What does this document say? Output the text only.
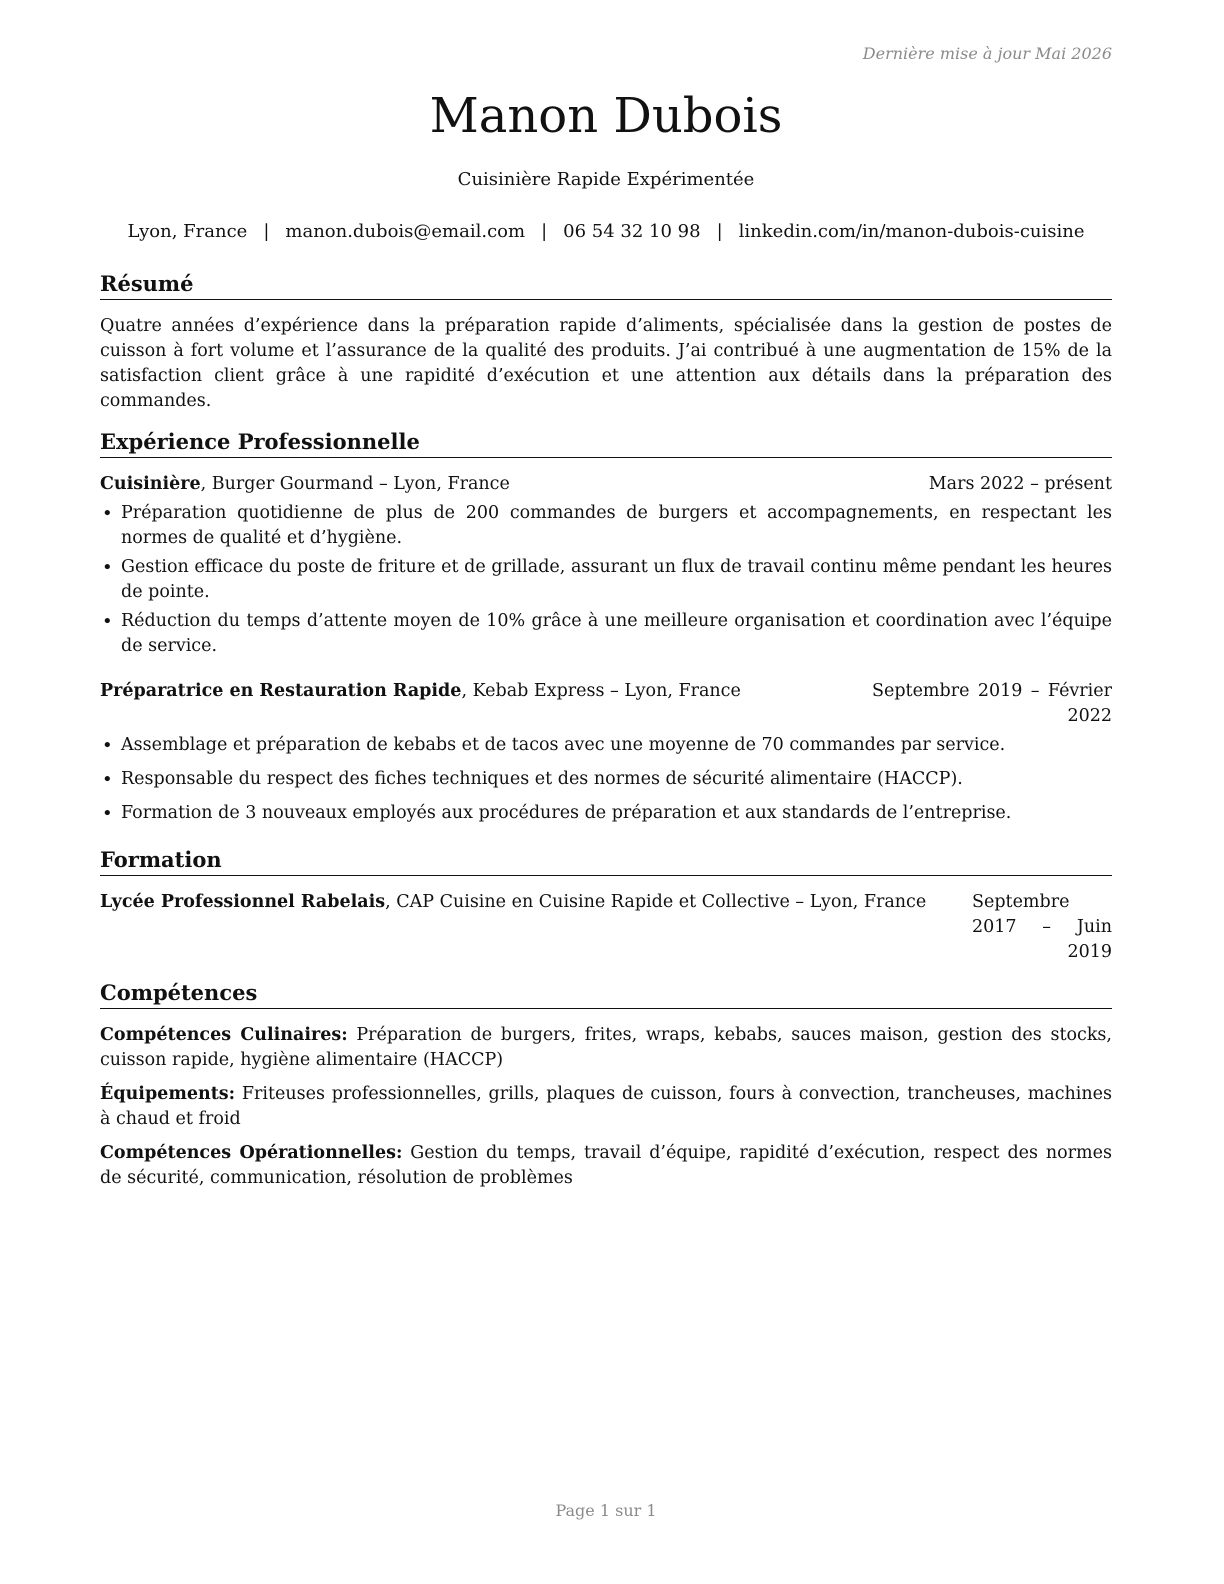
Dernière mise à jour Mai 2026
Manon Dubois
Cuisinière Rapide Expérimentée
Lyon, France | manon.dubois@email.com | 06 54 32 10 98 | linkedin.com/in/manon-dubois-cuisine
Résumé

Quatre années d’expérience dans la préparation rapide d’aliments, spécialisée dans la gestion de postes de cuisson à fort volume et l’assurance de la qualité des produits. J’ai contribué à une augmentation de 15% de la satisfaction client grâce à une rapidité d’exécution et une attention aux détails dans la préparation des commandes.

Expérience Professionnelle
Cuisinière, Burger Gourmand – Lyon, France	Mars 2022 – présent
• Préparation quotidienne de plus de 200 commandes de burgers et accompagnements, en respectant les normes de qualité et d’hygiène.
• Gestion efficace du poste de friture et de grillade, assurant un flux de travail continu même pendant les heures de pointe.
• Réduction du temps d’attente moyen de 10% grâce à une meilleure organisation et coordination avec l’équipe de service.
Préparatrice en Restauration Rapide, Kebab Express – Lyon, France	Septembre 2019 – Février 2022
• Assemblage et préparation de kebabs et de tacos avec une moyenne de 70 commandes par service.
• Responsable du respect des fiches techniques et des normes de sécurité alimentaire (HACCP).
• Formation de 3 nouveaux employés aux procédures de préparation et aux standards de l’entreprise.
Formation
Lycée Professionnel Rabelais, CAP Cuisine en Cuisine Rapide et Collective – Lyon, France	Septembre 2017 – Juin 2019
Compétences

Compétences Culinaires: Préparation de burgers, frites, wraps, kebabs, sauces maison, gestion des stocks, cuisson rapide, hygiène alimentaire (HACCP)

Équipements: Friteuses professionnelles, grills, plaques de cuisson, fours à convection, trancheuses, machines à chaud et froid

Compétences Opérationnelles: Gestion du temps, travail d’équipe, rapidité d’exécution, respect des normes de sécurité, communication, résolution de problèmes

Page 1 sur 1
